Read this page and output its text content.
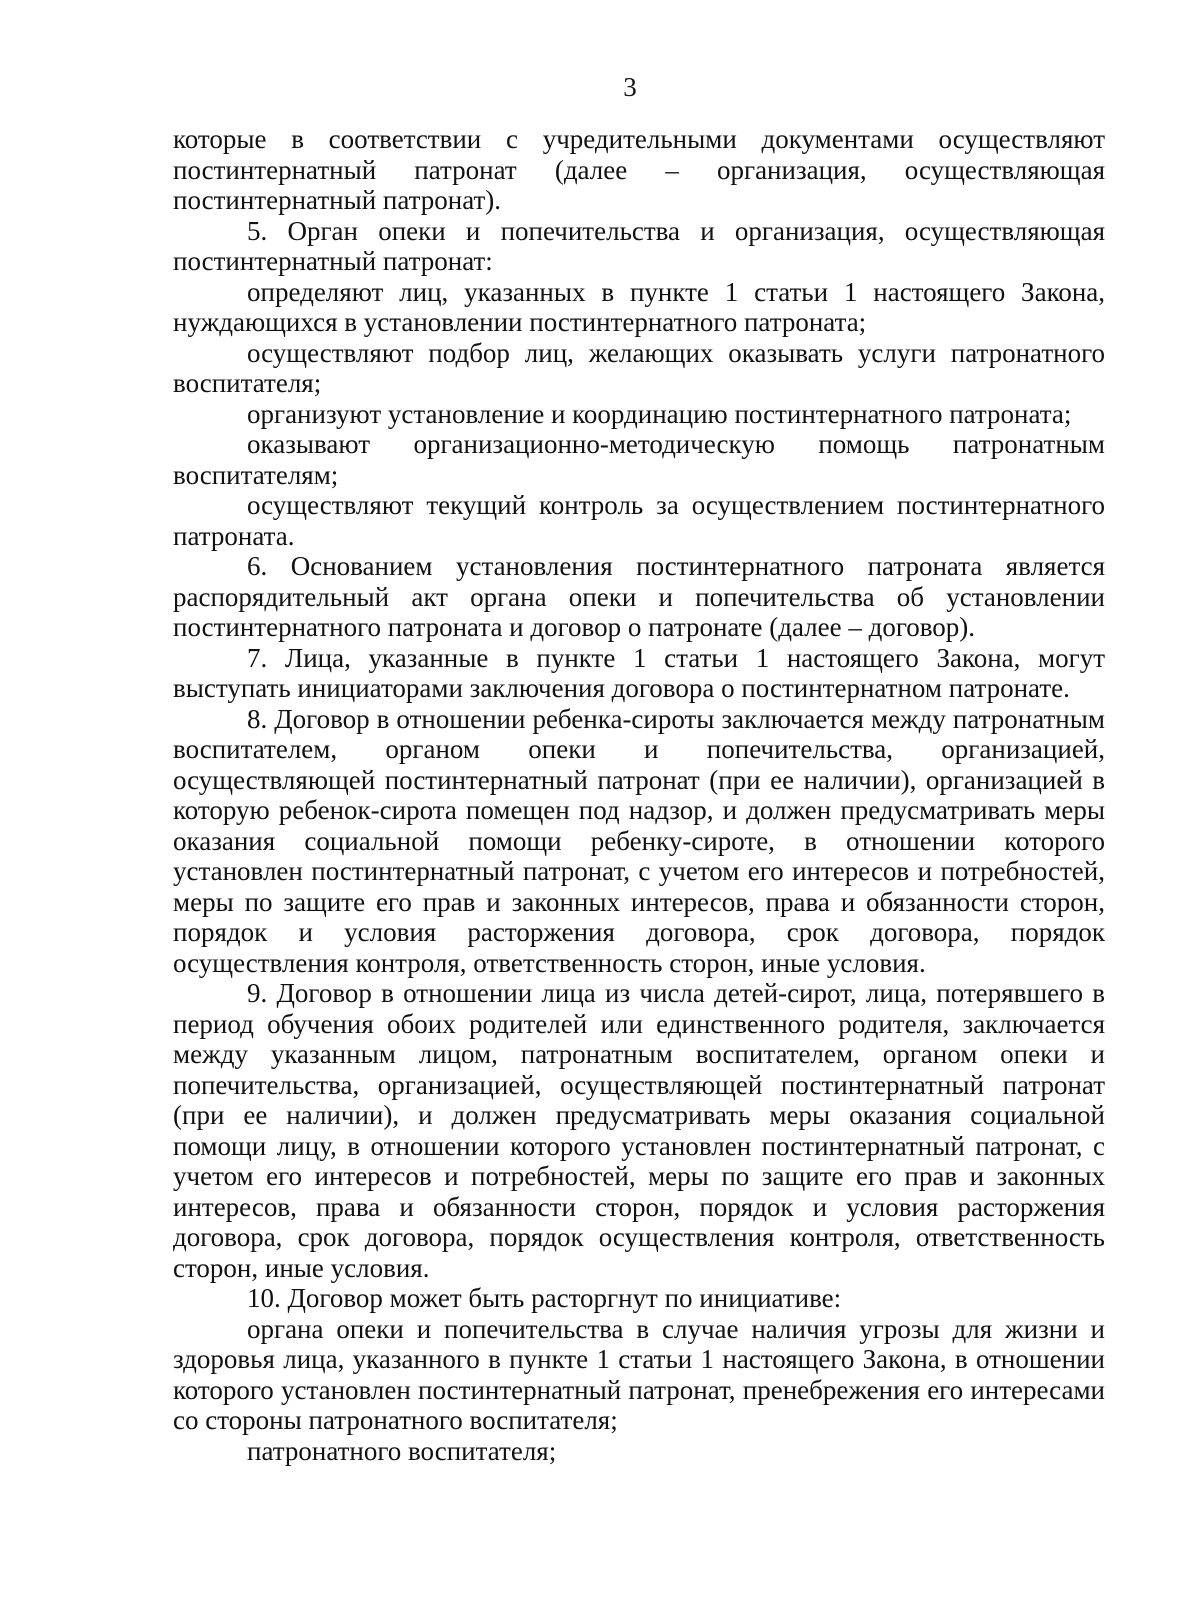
3

которые в соответствии с учредительными документами осуществляют постинтернатный патронат (далее – организация, осуществляющая постинтернатный патронат).

5. Орган опеки и попечительства и организация, осуществляющая постинтернатный патронат:

определяют лиц, указанных в пункте 1 статьи 1 настоящего Закона, нуждающихся в установлении постинтернатного патроната;

осуществляют подбор лиц, желающих оказывать услуги патронатного воспитателя;

организуют установление и координацию постинтернатного патроната;

оказывают организационно-методическую помощь патронатным воспитателям;

осуществляют текущий контроль за осуществлением постинтернатного патроната.

6. Основанием установления постинтернатного патроната является распорядительный акт органа опеки и попечительства об установлении постинтернатного патроната и договор о патронате (далее – договор).

7. Лица, указанные в пункте 1 статьи 1 настоящего Закона, могут выступать инициаторами заключения договора о постинтернатном патронате.

8. Договор в отношении ребенка-сироты заключается между патронатным воспитателем, органом опеки и попечительства, организацией, осуществляющей постинтернатный патронат (при ее наличии), организацией в которую ребенок-сирота помещен под надзор, и должен предусматривать меры оказания социальной помощи ребенку-сироте, в отношении которого установлен постинтернатный патронат, с учетом его интересов и потребностей, меры по защите его прав и законных интересов, права и обязанности сторон, порядок и условия расторжения договора, срок договора, порядок осуществления контроля, ответственность сторон, иные условия.

9. Договор в отношении лица из числа детей-сирот, лица, потерявшего в период обучения обоих родителей или единственного родителя, заключается между указанным лицом, патронатным воспитателем, органом опеки и попечительства, организацией, осуществляющей постинтернатный патронат (при ее наличии), и должен предусматривать меры оказания социальной помощи лицу, в отношении которого установлен постинтернатный патронат, с учетом его интересов и потребностей, меры по защите его прав и законных интересов, права и обязанности сторон, порядок и условия расторжения договора, срок договора, порядок осуществления контроля, ответственность сторон, иные условия.

10. Договор может быть расторгнут по инициативе:

органа опеки и попечительства в случае наличия угрозы для жизни и здоровья лица, указанного в пункте 1 статьи 1 настоящего Закона, в отношении которого установлен постинтернатный патронат, пренебрежения его интересами со стороны патронатного воспитателя;

патронатного воспитателя;
